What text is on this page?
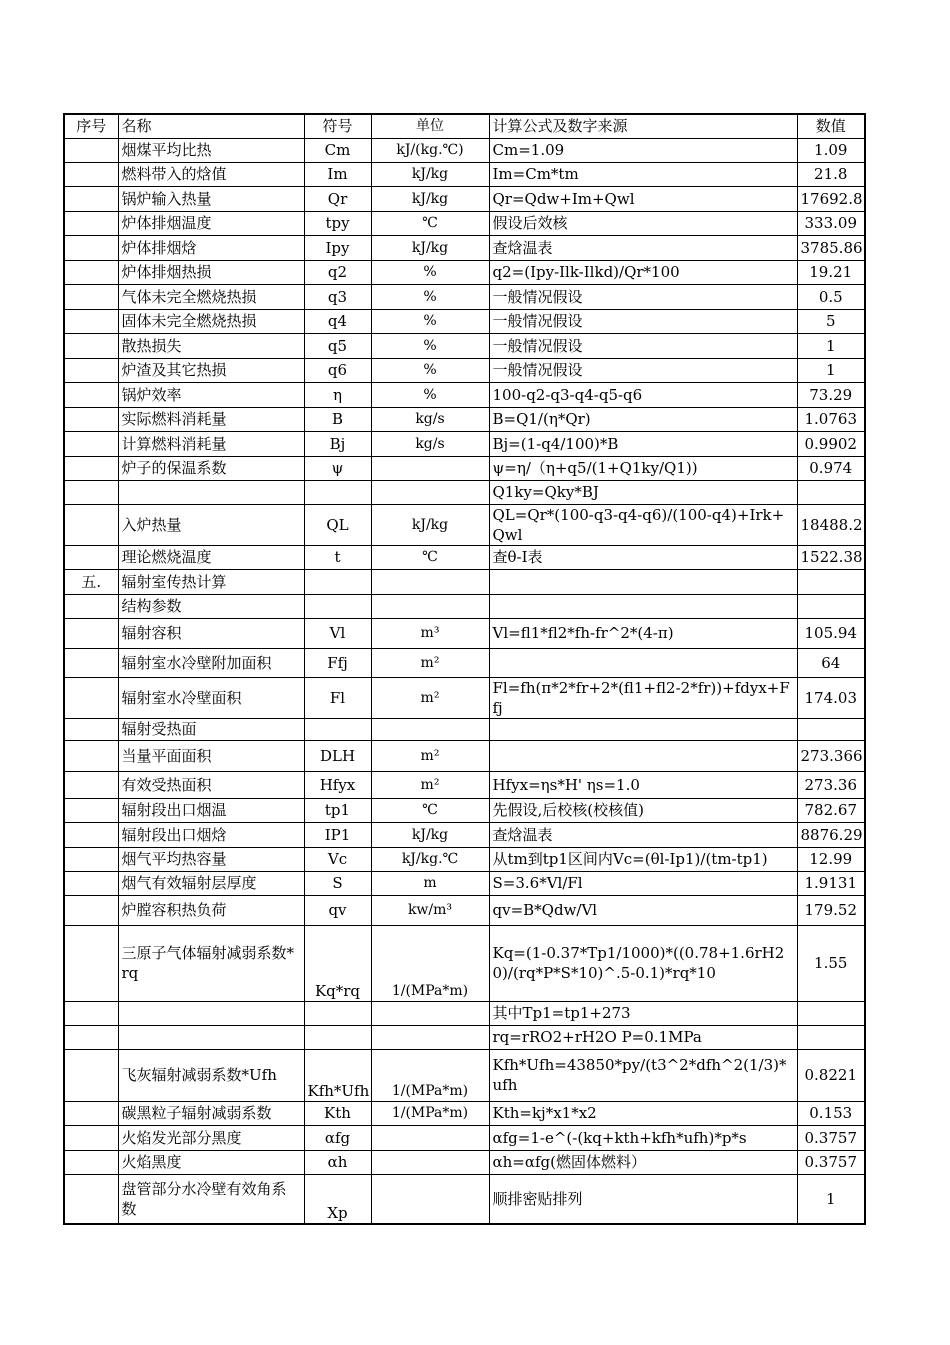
序号	名称	符号	单位	计算公式及数字来源	数值
	烟煤平均比热	Cm	kJ/(kg.℃)	Cm=1.09	1.09
	燃料带入的焓值	Im	kJ/kg	Im=Cm*tm	21.8
	锅炉输入热量	Qr	kJ/kg	Qr=Qdw+Im+Qwl	17692.8
	炉体排烟温度	tpy	℃	假设后效核	333.09
	炉体排烟焓	Ipy	kJ/kg	查焓温表	3785.86
	炉体排烟热损	q2	%	q2=(Ipy-Ilk-Ilkd)/Qr*100	19.21
	气体未完全燃烧热损	q3	%	一般情况假设	0.5
	固体未完全燃烧热损	q4	%	一般情况假设	5
	散热损失	q5	%	一般情况假设	1
	炉渣及其它热损	q6	%	一般情况假设	1
	锅炉效率	η	%	100-q2-q3-q4-q5-q6	73.29
	实际燃料消耗量	B	kg/s	B=Q1/(η*Qr)	1.0763
	计算燃料消耗量	Bj	kg/s	Bj=(1-q4/100)*B	0.9902
	炉子的保温系数	ψ		ψ=η/（η+q5/(1+Q1ky/Q1))	0.974
				Q1ky=Qky*BJ	
	入炉热量	QL	kJ/kg	QL=Qr*(100-q3-q4-q6)/(100-q4)+Irk+Qwl	18488.2
	理论燃烧温度	t	℃	查θ-I表	1522.38
五.	辐射室传热计算				
	结构参数				
	辐射容积	Vl	m³	Vl=fl1*fl2*fh-fr^2*(4-π)	105.94
	辐射室水冷壁附加面积	Ffj	m²		64
	辐射室水冷壁面积	Fl	m²	Fl=fh(π*2*fr+2*(fl1+fl2-2*fr))+fdyx+Ffj	174.03
	辐射受热面				
	当量平面面积	DLH	m²		273.366
	有效受热面积	Hfyx	m²	Hfyx=ηs*H' ηs=1.0	273.36
	辐射段出口烟温	tp1	℃	先假设,后校核(校核值)	782.67
	辐射段出口烟焓	IP1	kJ/kg	查焓温表	8876.29
	烟气平均热容量	Vc	kJ/kg.℃	从tm到tp1区间内Vc=(θl-Ip1)/(tm-tp1)	12.99
	烟气有效辐射层厚度	S	m	S=3.6*Vl/Fl	1.9131
	炉膛容积热负荷	qv	kw/m³	qv=B*Qdw/Vl	179.52
	三原子气体辐射减弱系数*rq	Kq*rq	1/(MPa*m)	Kq=(1-0.37*Tp1/1000)*((0.78+1.6rH20)/(rq*P*S*10)^.5-0.1)*rq*10	1.55
				其中Tp1=tp1+273	
				rq=rRO2+rH2O P=0.1MPa	
	飞灰辐射减弱系数*Ufh	Kfh*Ufh	1/(MPa*m)	Kfh*Ufh=43850*py/(t3^2*dfh^2(1/3)*ufh	0.8221
	碳黑粒子辐射减弱系数	Kth	1/(MPa*m)	Kth=kj*x1*x2	0.153
	火焰发光部分黑度	αfg		αfg=1-e^(-(kq+kth+kfh*ufh)*p*s	0.3757
	火焰黑度	αh		αh=αfg(燃固体燃料）	0.3757
	盘管部分水冷壁有效角系数	Xp		顺排密贴排列	1
